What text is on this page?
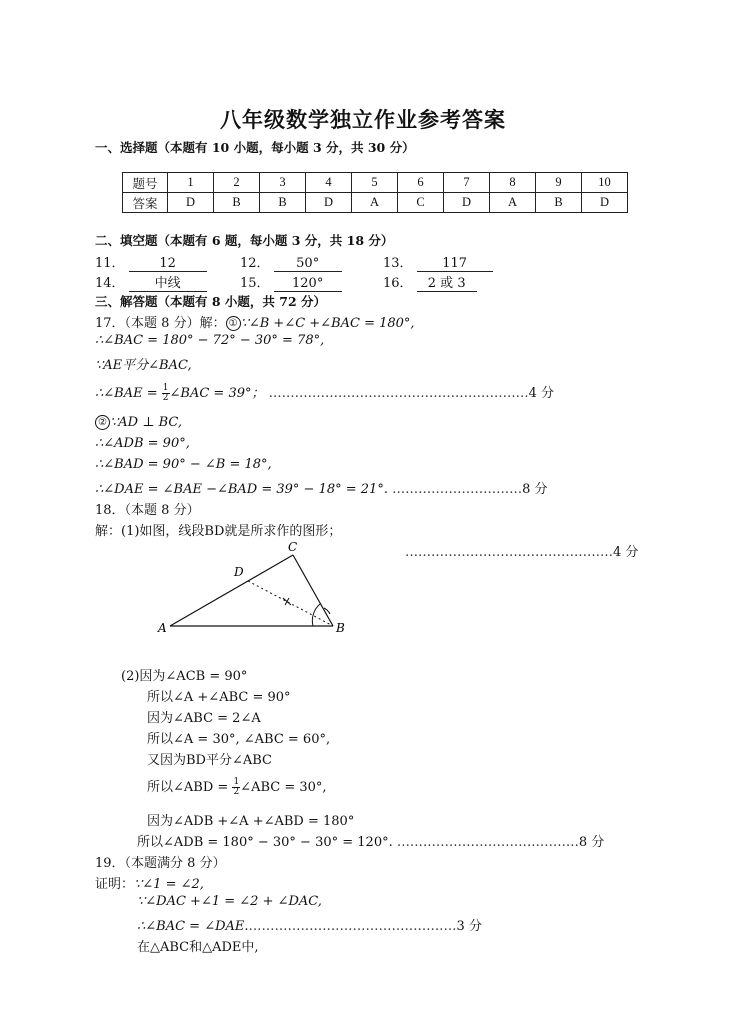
八年级数学独立作业参考答案
一、选择题（本题有 10 小题，每小题 3 分，共 30 分）
题号	1	2	3	4	5	6	7	8	9	10
答案	D	B	B	D	A	C	D	A	B	D
二、填空题（本题有 6 题，每小题 3 分，共 18 分）
11．	12	12． 50°	13． 117
14． 中线	15． 120°	16． 2 或 3
三、解答题（本题有 8 小题，共 72 分）
17．（本题 8 分）解： ① ∵∠B +∠C +∠BAC = 180°,
∴∠BAC = 180° − 72° − 30° = 78°,
∵AE平分∠BAC,
∴∠BAE = $\frac{1}{2}$ ∠BAC = 39°； ……………………………………………………4 分
② ∵AD ⊥ BC,
∴∠ADB = 90°,
∴∠BAD = 90° − ∠B = 18°,
∴∠DAE = ∠BAE −∠BAD = 39° − 18° = 21°. …………………………8 分
18．（本题 8 分）
解：(1)如图，线段BD就是所求作的图形；
…………………………………………4 分
A	B
C
D
(2)因为∠ACB = 90°
所以∠A +∠ABC = 90°
因为∠ABC = 2∠A
所以∠A = 30°, ∠ABC = 60°,
又因为BD平分∠ABC
所以∠ABD = $\frac{1}{2}$ ∠ABC = 30°,
因为∠ADB +∠A +∠ABD = 180°
所以∠ADB = 180° − 30° − 30° = 120°. ……………………………………8 分
19．（本题满分 8 分）
证明：∵∠1 = ∠2,
∵∠DAC +∠1 = ∠2 + ∠DAC,
∴∠BAC = ∠DAE.…………………………………………3 分
在△ABC和△ADE中,
